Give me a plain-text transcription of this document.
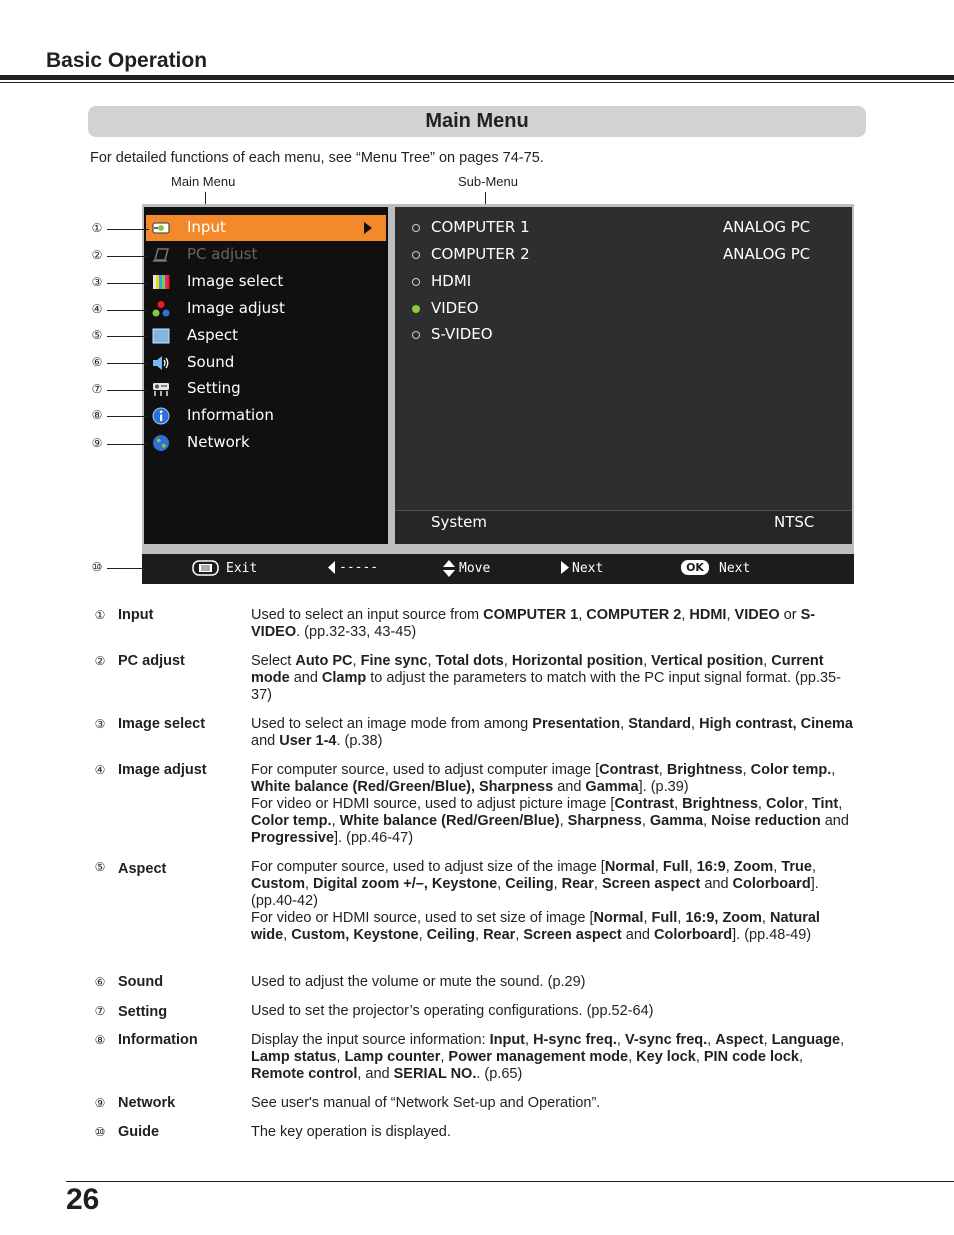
Basic Operation
Main Menu
For detailed functions of each menu, see “Menu Tree” on pages 74-75.
Main Menu	Sub-Menu
Input
PC adjust
Image select
Image adjust
Aspect
Sound
Setting
Information
Network
COMPUTER 1	ANALOG PC
COMPUTER 2	ANALOG PC
HDMI
VIDEO
S-VIDEO
System	NTSC
Exit	-----	Move	Next	OK	Next
①
②
③
④
⑤
⑥
⑦
⑧
⑨
⑩
① Input	Used to select an input source from COMPUTER 1, COMPUTER 2, HDMI, VIDEO or S-VIDEO. (pp.32-33, 43-45)
② PC adjust	Select Auto PC, Fine sync, Total dots, Horizontal position, Vertical position, Current mode and Clamp to adjust the parameters to match with the PC input signal format. (pp.35-37)
③ Image select	Used to select an image mode from among Presentation, Standard, High contrast, Cinema and User 1-4. (p.38)
④ Image adjust	For computer source, used to adjust computer image [Contrast, Brightness, Color temp., White balance (Red/Green/Blue), Sharpness and Gamma]. (p.39)
For video or HDMI source, used to adjust picture image [Contrast, Brightness, Color, Tint, Color temp., White balance (Red/Green/Blue), Sharpness, Gamma, Noise reduction and Progressive]. (pp.46-47)
⑤ Aspect	For computer source, used to adjust size of the image [Normal, Full, 16:9, Zoom, True, Custom, Digital zoom +/–, Keystone, Ceiling, Rear, Screen aspect and Colorboard]. (pp.40-42)
For video or HDMI source, used to set size of image [Normal, Full, 16:9, Zoom, Natural wide, Custom, Keystone, Ceiling, Rear, Screen aspect and Colorboard]. (pp.48-49)
⑥ Sound	Used to adjust the volume or mute the sound. (p.29)
⑦ Setting	Used to set the projector’s operating configurations. (pp.52-64)
⑧ Information	Display the input source information: Input, H-sync freq., V-sync freq., Aspect, Language, Lamp status, Lamp counter, Power management mode, Key lock, PIN code lock, Remote control, and SERIAL NO.. (p.65)
⑨ Network	See user's manual of “Network Set-up and Operation”.
⑩ Guide	The key operation is displayed.
26
